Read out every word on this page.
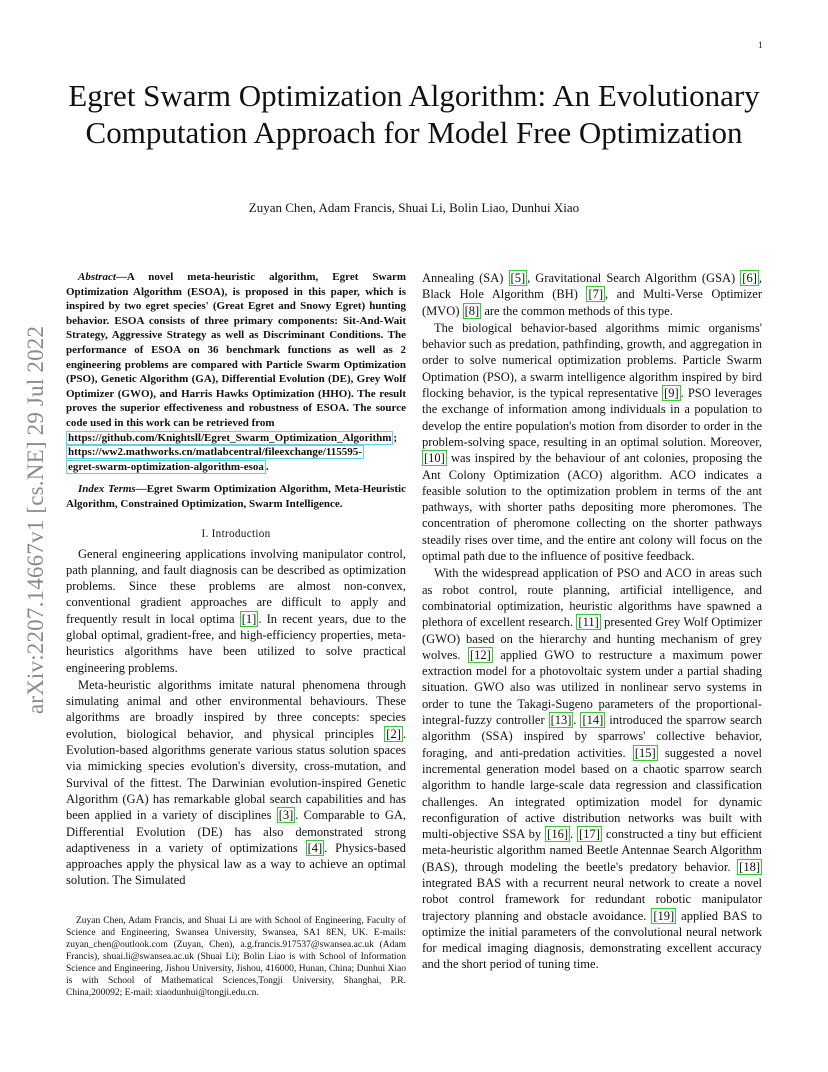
1
arXiv:2207.14667v1 [cs.NE] 29 Jul 2022
Egret Swarm Optimization Algorithm: An Evolutionary Computation Approach for Model Free Optimization
Zuyan Chen, Adam Francis, Shuai Li, Bolin Liao, Dunhui Xiao

Abstract—A novel meta-heuristic algorithm, Egret Swarm Optimization Algorithm (ESOA), is proposed in this paper, which is inspired by two egret species' (Great Egret and Snowy Egret) hunting behavior. ESOA consists of three primary components: Sit-And-Wait Strategy, Aggressive Strategy as well as Discriminant Conditions. The performance of ESOA on 36 benchmark functions as well as 2 engineering problems are compared with Particle Swarm Optimization (PSO), Genetic Algorithm (GA), Differential Evolution (DE), Grey Wolf Optimizer (GWO), and Harris Hawks Optimization (HHO). The result proves the superior effectiveness and robustness of ESOA. The source code used in this work can be retrieved from

https://github.com/Knightsll/Egret_Swarm_Optimization_Algorithm ;
https://ww2.mathworks.cn/matlabcentral/fileexchange/115595-
egret-swarm-optimization-algorithm-esoa .

Index Terms—Egret Swarm Optimization Algorithm, Meta-Heuristic Algorithm, Constrained Optimization, Swarm Intelligence.

I. Introduction

General engineering applications involving manipulator control, path planning, and fault diagnosis can be described as optimization problems. Since these problems are almost non-convex, conventional gradient approaches are difficult to apply and frequently result in local optima [1] . In recent years, due to the global optimal, gradient-free, and high-efficiency properties, meta-heuristics algorithms have been utilized to solve practical engineering problems.

Meta-heuristic algorithms imitate natural phenomena through simulating animal and other environmental behaviours. These algorithms are broadly inspired by three concepts: species evolution, biological behavior, and physical principles [2] . Evolution-based algorithms generate various status solution spaces via mimicking species evolution's diversity, cross-mutation, and Survival of the fittest. The Darwinian evolution-inspired Genetic Algorithm (GA) has remarkable global search capabilities and has been applied in a variety of disciplines [3] . Comparable to GA, Differential Evolution (DE) has also demonstrated strong adaptiveness in a variety of optimizations [4] . Physics-based approaches apply the physical law as a way to achieve an optimal solution. The Simulated

Zuyan Chen, Adam Francis, and Shuai Li are with School of Engineering, Faculty of Science and Engineering, Swansea University, Swansea, SA1 8EN, UK. E-mails: zuyan_chen@outlook.com (Zuyan, Chen), a.g.francis.917537@swansea.ac.uk (Adam Francis), shuai.li@swansea.ac.uk (Shuai Li); Bolin Liao is with School of Information Science and Engineering, Jishou University, Jishou, 416000, Hunan, China; Dunhui Xiao is with School of Mathematical Sciences,Tongji University, Shanghai, P.R. China,200092; E-mail: xiaodunhui@tongji.edu.cn.

Annealing (SA) [5] , Gravitational Search Algorithm (GSA) [6] , Black Hole Algorithm (BH) [7] , and Multi-Verse Optimizer (MVO) [8] are the common methods of this type.

The biological behavior-based algorithms mimic organisms' behavior such as predation, pathfinding, growth, and aggregation in order to solve numerical optimization problems. Particle Swarm Optimation (PSO), a swarm intelligence algorithm inspired by bird flocking behavior, is the typical representative [9] . PSO leverages the exchange of information among individuals in a population to develop the entire population's motion from disorder to order in the problem-solving space, resulting in an optimal solution. Moreover, [10] was inspired by the behaviour of ant colonies, proposing the Ant Colony Optimization (ACO) algorithm. ACO indicates a feasible solution to the optimization problem in terms of the ant pathways, with shorter paths depositing more pheromones. The concentration of pheromone collecting on the shorter pathways steadily rises over time, and the entire ant colony will focus on the optimal path due to the influence of positive feedback.

With the widespread application of PSO and ACO in areas such as robot control, route planning, artificial intelligence, and combinatorial optimization, heuristic algorithms have spawned a plethora of excellent research. [11] presented Grey Wolf Optimizer (GWO) based on the hierarchy and hunting mechanism of grey wolves. [12] applied GWO to restructure a maximum power extraction model for a photovoltaic system under a partial shading situation. GWO also was utilized in nonlinear servo systems in order to tune the Takagi-Sugeno parameters of the proportional-integral-fuzzy controller [13] . [14] introduced the sparrow search algorithm (SSA) inspired by sparrows' collective behavior, foraging, and anti-predation activities. [15] suggested a novel incremental generation model based on a chaotic sparrow search algorithm to handle large-scale data regression and classification challenges. An integrated optimization model for dynamic reconfiguration of active distribution networks was built with multi-objective SSA by [16] . [17] constructed a tiny but efficient meta-heuristic algorithm named Beetle Antennae Search Algorithm (BAS), through modeling the beetle's predatory behavior. [18] integrated BAS with a recurrent neural network to create a novel robot control framework for redundant robotic manipulator trajectory planning and obstacle avoidance. [19] applied BAS to optimize the initial parameters of the convolutional neural network for medical imaging diagnosis, demonstrating excellent accuracy and the short period of tuning time.
